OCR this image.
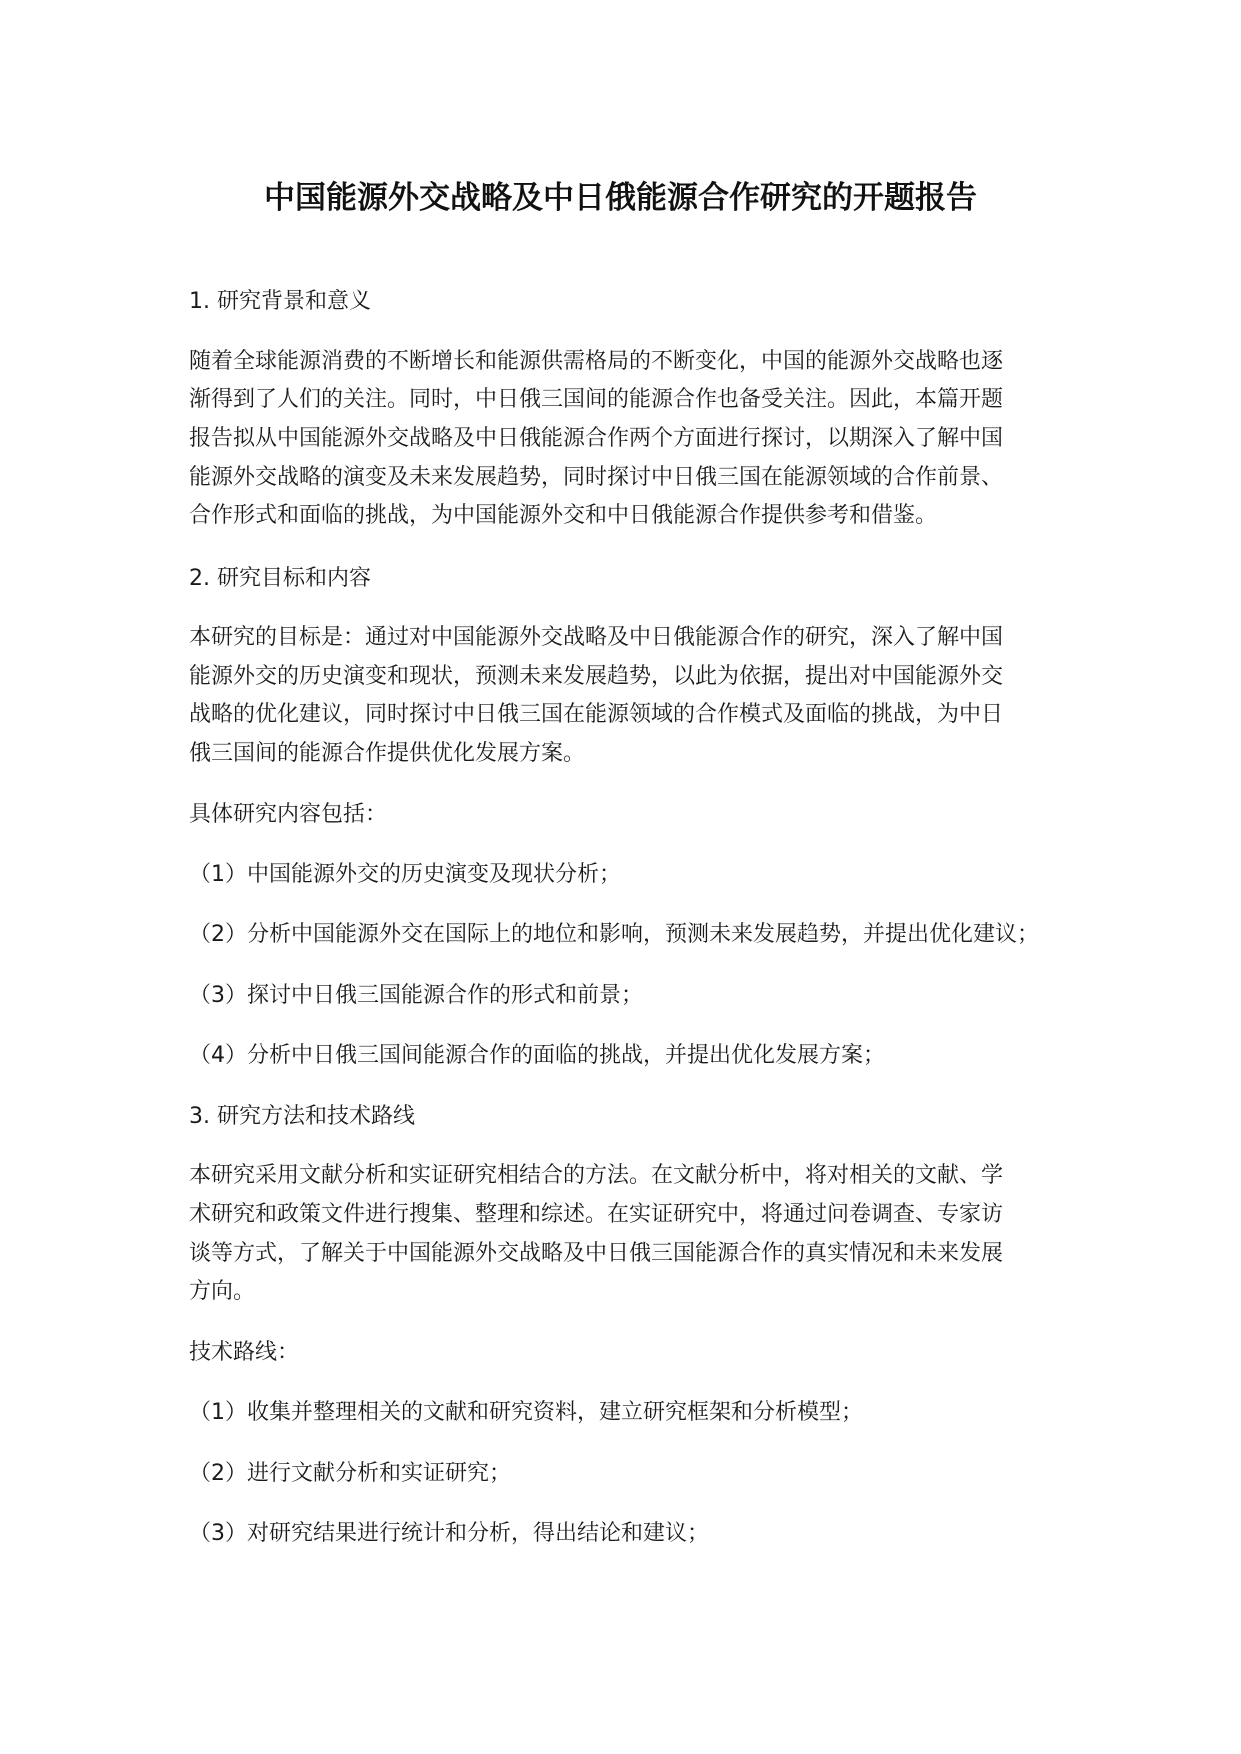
中国能源外交战略及中日俄能源合作研究的开题报告
1. 研究背景和意义
随着全球能源消费的不断增长和能源供需格局的不断变化，中国的能源外交战略也逐
渐得到了人们的关注。同时，中日俄三国间的能源合作也备受关注。因此，本篇开题
报告拟从中国能源外交战略及中日俄能源合作两个方面进行探讨，以期深入了解中国
能源外交战略的演变及未来发展趋势，同时探讨中日俄三国在能源领域的合作前景、
合作形式和面临的挑战，为中国能源外交和中日俄能源合作提供参考和借鉴。
2. 研究目标和内容
本研究的目标是：通过对中国能源外交战略及中日俄能源合作的研究，深入了解中国
能源外交的历史演变和现状，预测未来发展趋势，以此为依据，提出对中国能源外交
战略的优化建议，同时探讨中日俄三国在能源领域的合作模式及面临的挑战，为中日
俄三国间的能源合作提供优化发展方案。
具体研究内容包括：
（1）中国能源外交的历史演变及现状分析；
（2）分析中国能源外交在国际上的地位和影响，预测未来发展趋势，并提出优化建议；
（3）探讨中日俄三国能源合作的形式和前景；
（4）分析中日俄三国间能源合作的面临的挑战，并提出优化发展方案；
3. 研究方法和技术路线
本研究采用文献分析和实证研究相结合的方法。在文献分析中，将对相关的文献、学
术研究和政策文件进行搜集、整理和综述。在实证研究中，将通过问卷调查、专家访
谈等方式，了解关于中国能源外交战略及中日俄三国能源合作的真实情况和未来发展
方向。
技术路线：
（1）收集并整理相关的文献和研究资料，建立研究框架和分析模型；
（2）进行文献分析和实证研究；
（3）对研究结果进行统计和分析，得出结论和建议；
